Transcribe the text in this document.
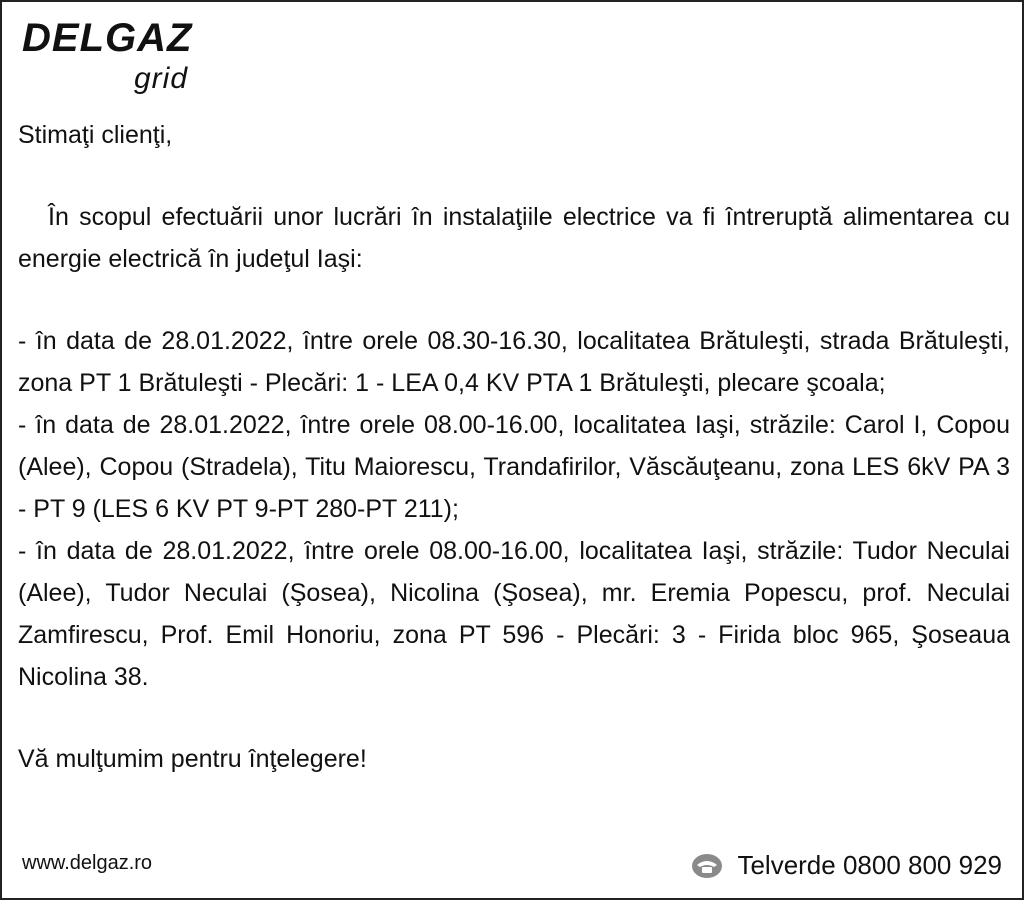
DELGAZ
grid

Stimaţi clienţi,

În scopul efectuării unor lucrări în instalaţiile electrice va fi întreruptă alimentarea cu energie electrică în judeţul Iaşi:

- în data de 28.01.2022, între orele 08.30-16.30, localitatea Brătuleşti, strada Brătuleşti, zona PT 1 Brătuleşti - Plecări: 1 - LEA 0,4 KV PTA 1 Brătuleşti, plecare şcoala;

- în data de 28.01.2022, între orele 08.00-16.00, localitatea Iaşi, străzile: Carol I, Copou (Alee), Copou (Stradela), Titu Maiorescu, Trandafirilor, Văscăuţeanu, zona LES 6kV PA 3 - PT 9 (LES 6 KV PT 9-PT 280-PT 211);

- în data de 28.01.2022, între orele 08.00-16.00, localitatea Iaşi, străzile: Tudor Neculai (Alee), Tudor Neculai (Şosea), Nicolina (Şosea), mr. Eremia Popescu, prof. Neculai Zamfirescu, Prof. Emil Honoriu, zona PT 596 - Plecări: 3 - Firida bloc 965, Şoseaua Nicolina 38.

Vă mulţumim pentru înţelegere!

www.delgaz.ro	Telverde 0800 800 929
